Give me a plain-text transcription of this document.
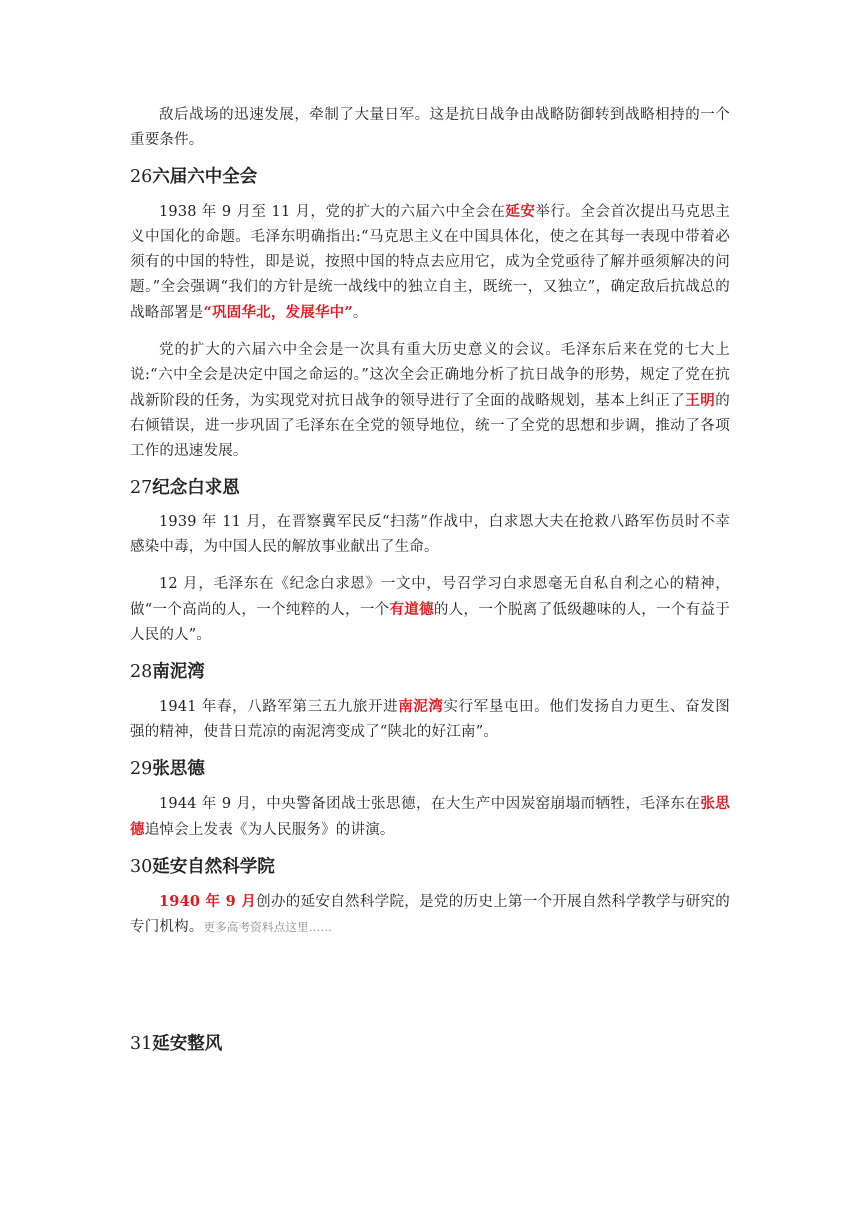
敌后战场的迅速发展，牵制了大量日军。这是抗日战争由战略防御转到战略相持的一个重要条件。

26六届六中全会

1938 年 9 月至 11 月，党的扩大的六届六中全会在延安举行。全会首次提出马克思主义中国化的命题。毛泽东明确指出:“马克思主义在中国具体化，使之在其每一表现中带着必须有的中国的特性，即是说，按照中国的特点去应用它，成为全党亟待了解并亟须解决的问题。”全会强调“我们的方针是统一战线中的独立自主，既统一，又独立”，确定敌后抗战总的战略部署是“巩固华北，发展华中”。

党的扩大的六届六中全会是一次具有重大历史意义的会议。毛泽东后来在党的七大上说:“六中全会是决定中国之命运的。”这次全会正确地分析了抗日战争的形势，规定了党在抗战新阶段的任务，为实现党对抗日战争的领导进行了全面的战略规划，基本上纠正了王明的右倾错误，进一步巩固了毛泽东在全党的领导地位，统一了全党的思想和步调，推动了各项工作的迅速发展。

27纪念白求恩

1939 年 11 月，在晋察冀军民反“扫荡”作战中，白求恩大夫在抢救八路军伤员时不幸感染中毒，为中国人民的解放事业献出了生命。

12 月，毛泽东在《纪念白求恩》一文中，号召学习白求恩毫无自私自利之心的精神，做“一个高尚的人，一个纯粹的人，一个有道德的人，一个脱离了低级趣味的人，一个有益于人民的人”。

28南泥湾

1941 年春，八路军第三五九旅开进南泥湾实行军垦屯田。他们发扬自力更生、奋发图强的精神，使昔日荒凉的南泥湾变成了“陕北的好江南”。

29张思德

1944 年 9 月，中央警备团战士张思德，在大生产中因炭窑崩塌而牺牲，毛泽东在张思德追悼会上发表《为人民服务》的讲演。

30延安自然科学院

1940 年 9 月创办的延安自然科学院，是党的历史上第一个开展自然科学教学与研究的专门机构。更多高考资料点这里……

31延安整风
